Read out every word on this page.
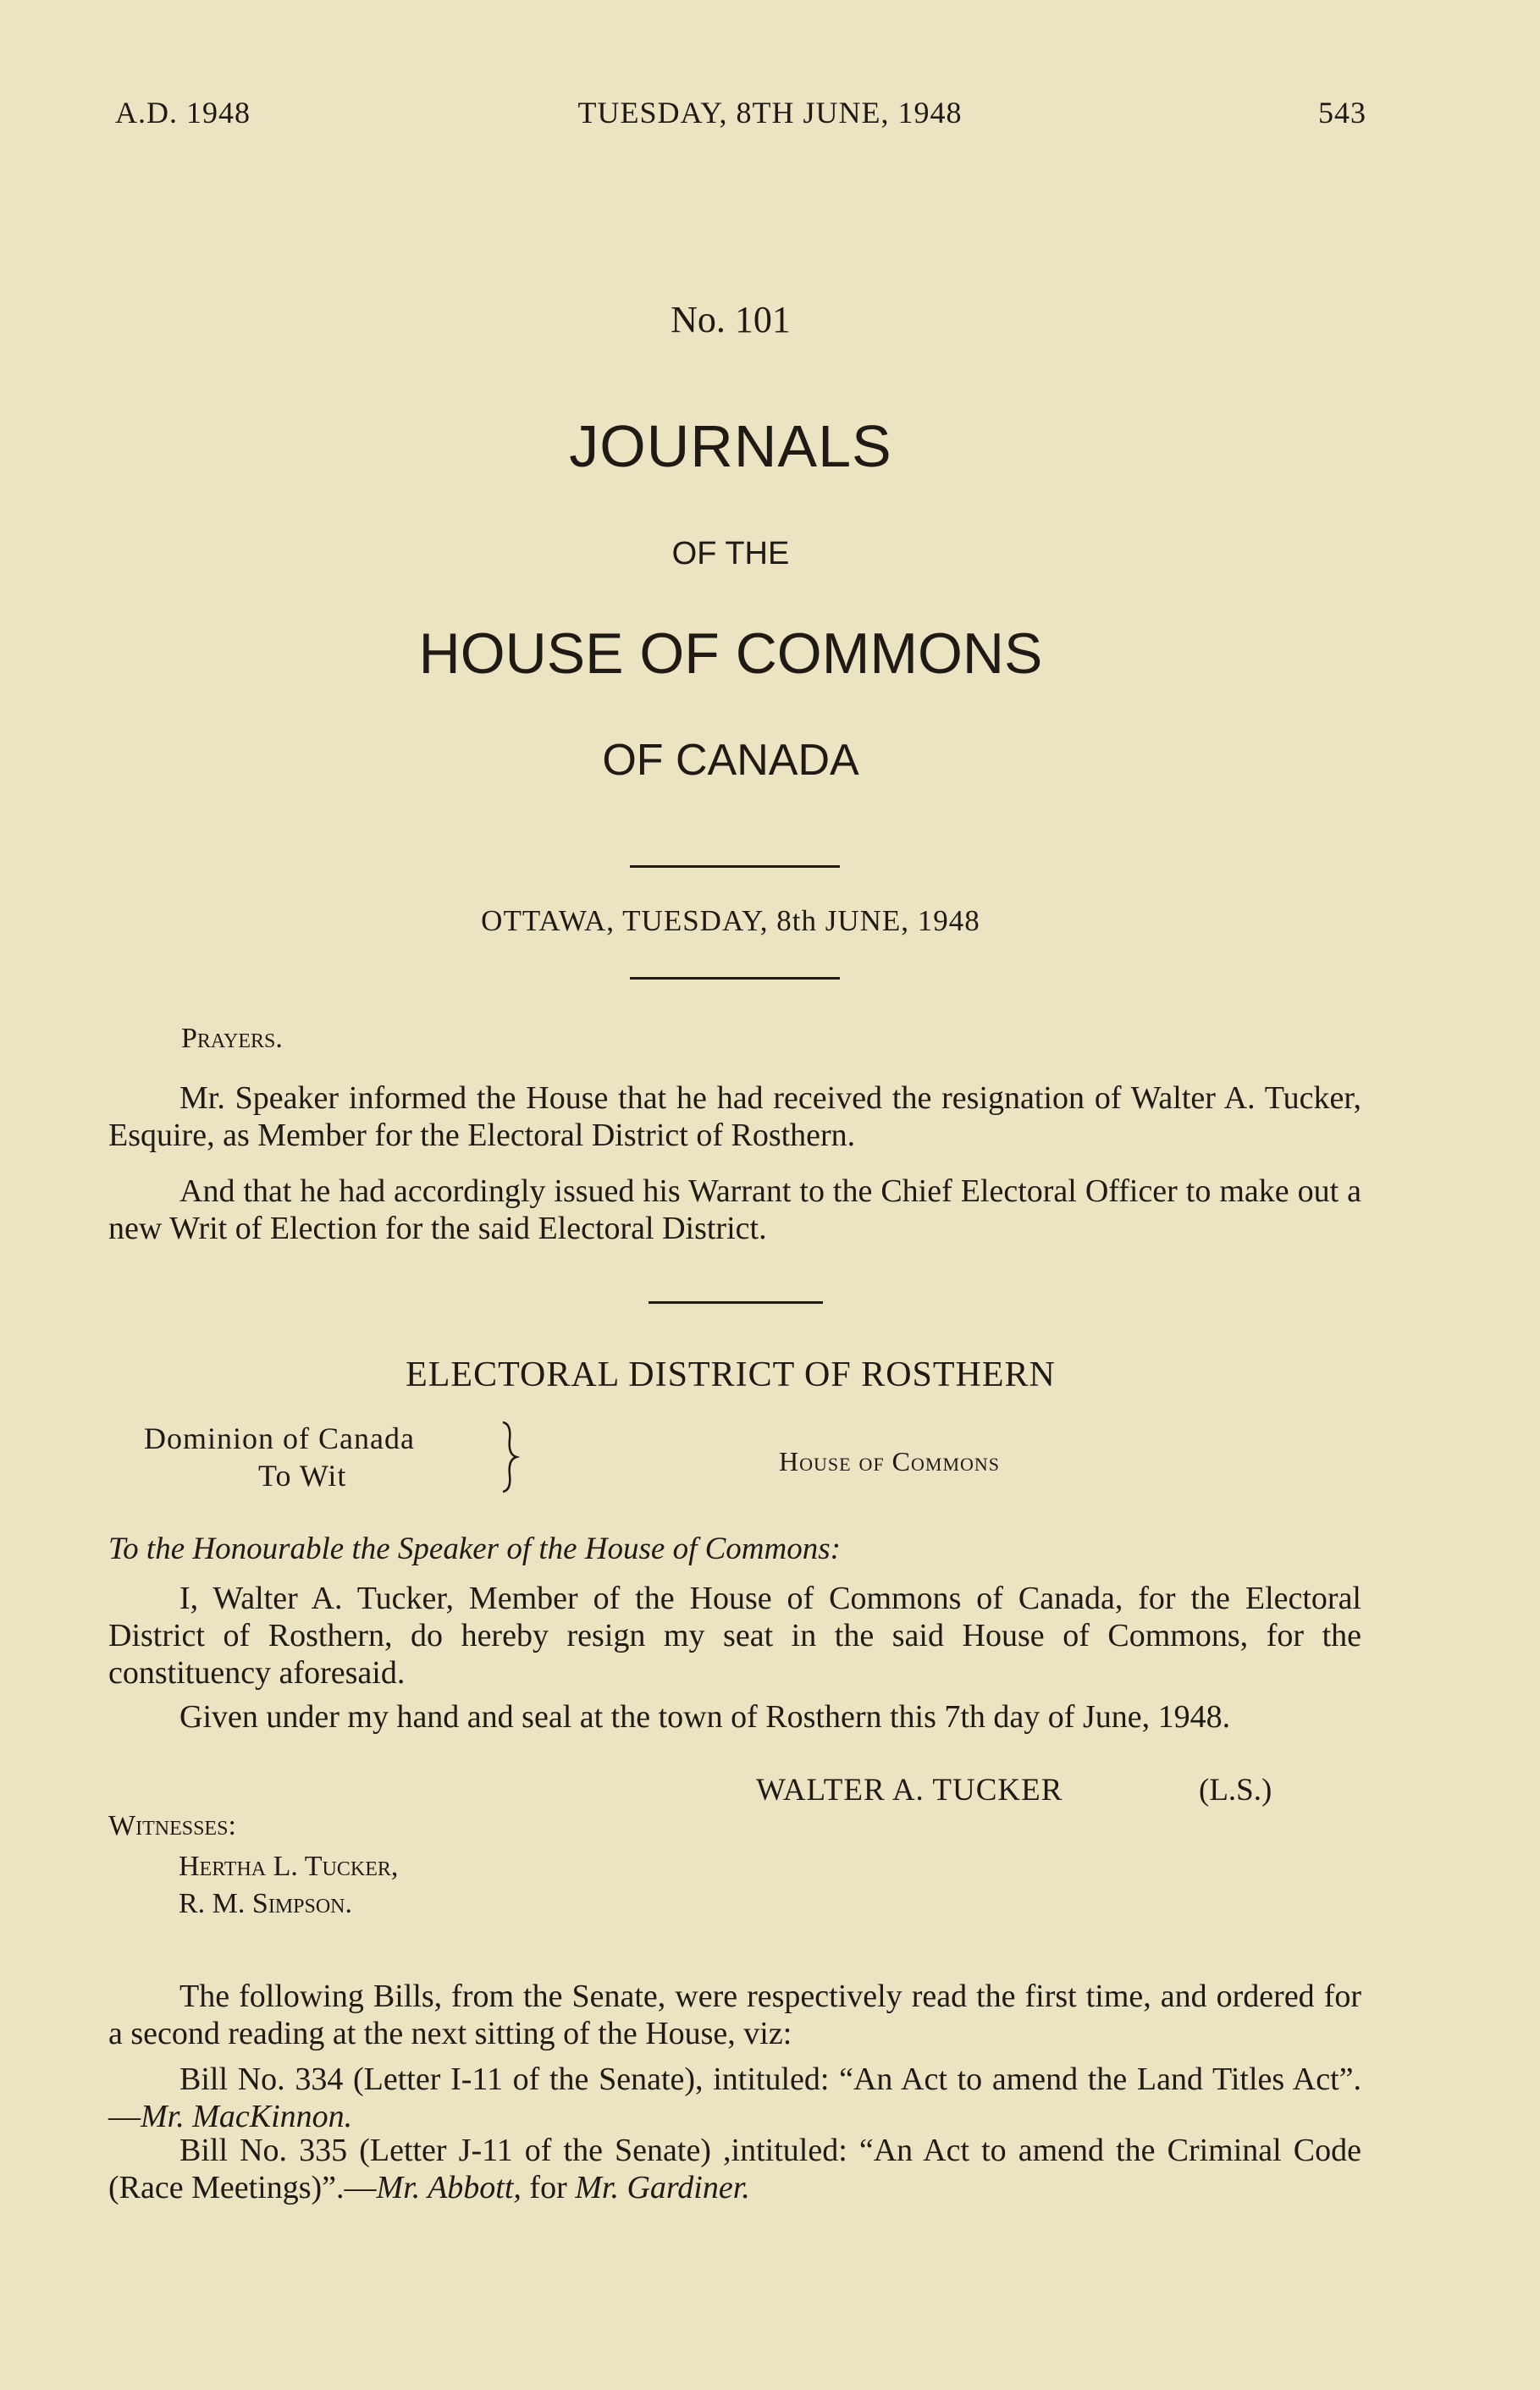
A.D. 1948	TUESDAY, 8TH JUNE, 1948	543
No. 101
JOURNALS
OF THE
HOUSE OF COMMONS
OF CANADA
OTTAWA, TUESDAY, 8th JUNE, 1948
Prayers.

Mr. Speaker informed the House that he had received the resignation of Walter A. Tucker, Esquire, as Member for the Electoral District of Rosthern.

And that he had accordingly issued his Warrant to the Chief Electoral Officer to make out a new Writ of Election for the said Electoral District.

ELECTORAL DISTRICT OF ROSTHERN
Dominion of Canada
To Wit	House of Commons
To the Honourable the Speaker of the House of Commons:

I, Walter A. Tucker, Member of the House of Commons of Canada, for the Electoral District of Rosthern, do hereby resign my seat in the said House of Commons, for the constituency aforesaid.

Given under my hand and seal at the town of Rosthern this 7th day of June, 1948.

WALTER A. TUCKER	(L.S.)
Witnesses:
Hertha L. Tucker,
R. M. Simpson.

The following Bills, from the Senate, were respectively read the first time, and ordered for a second reading at the next sitting of the House, viz:

Bill No. 334 (Letter I-11 of the Senate), intituled: “An Act to amend the Land Titles Act”.—Mr. MacKinnon.

Bill No. 335 (Letter J-11 of the Senate) ,intituled: “An Act to amend the Criminal Code (Race Meetings)”.—Mr. Abbott, for Mr. Gardiner.
